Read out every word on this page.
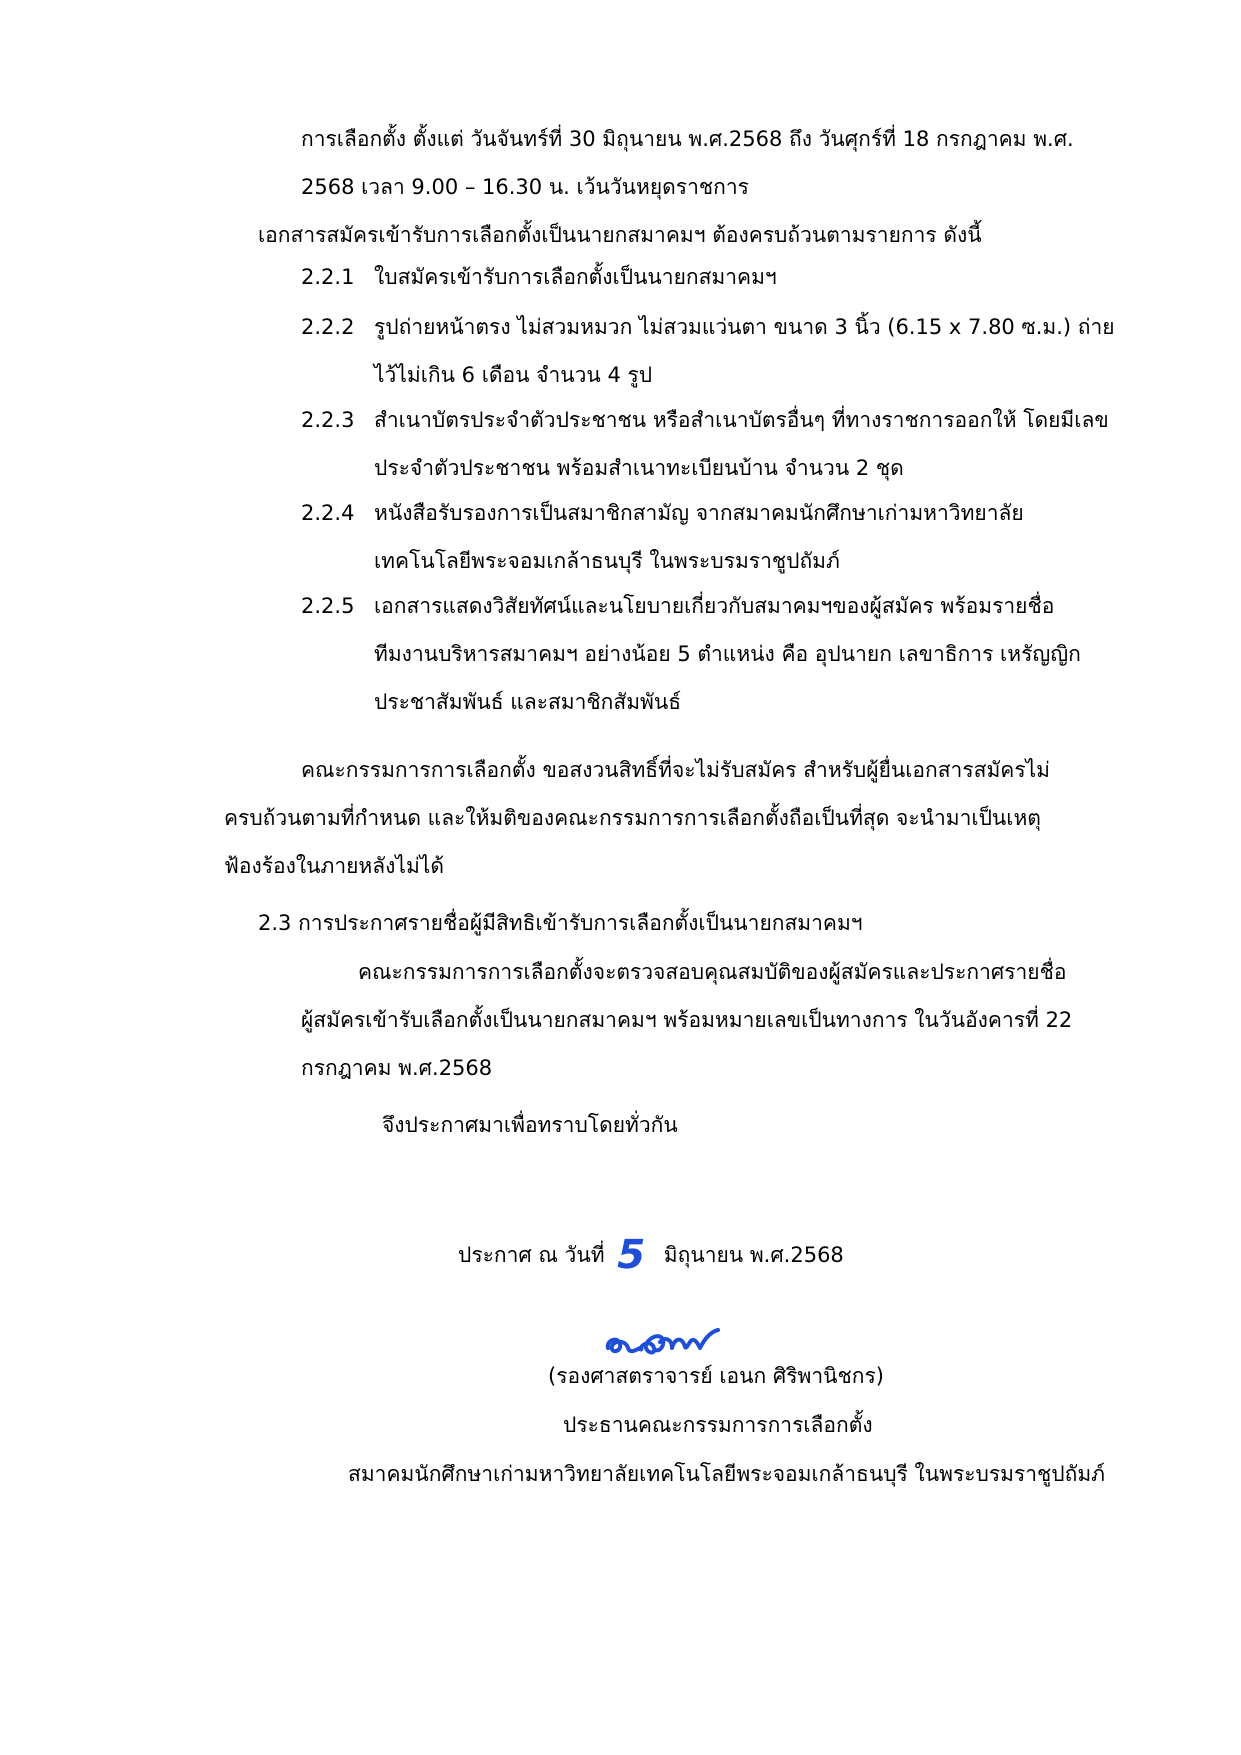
การเลือกตั้ง ตั้งแต่ วันจันทร์ที่ 30 มิถุนายน พ.ศ.2568 ถึง วันศุกร์ที่ 18 กรกฎาคม พ.ศ.
2568 เวลา 9.00 – 16.30 น. เว้นวันหยุดราชการ
เอกสารสมัครเข้ารับการเลือกตั้งเป็นนายกสมาคมฯ ต้องครบถ้วนตามรายการ ดังนี้
2.2.1 ใบสมัครเข้ารับการเลือกตั้งเป็นนายกสมาคมฯ
2.2.2 รูปถ่ายหน้าตรง ไม่สวมหมวก ไม่สวมแว่นตา ขนาด 3 นิ้ว (6.15 x 7.80 ซ.ม.) ถ่าย
ไว้ไม่เกิน 6 เดือน จำนวน 4 รูป
2.2.3 สำเนาบัตรประจำตัวประชาชน หรือสำเนาบัตรอื่นๆ ที่ทางราชการออกให้ โดยมีเลข
ประจำตัวประชาชน พร้อมสำเนาทะเบียนบ้าน จำนวน 2 ชุด
2.2.4 หนังสือรับรองการเป็นสมาชิกสามัญ จากสมาคมนักศึกษาเก่ามหาวิทยาลัย
เทคโนโลยีพระจอมเกล้าธนบุรี ในพระบรมราชูปถัมภ์
2.2.5 เอกสารแสดงวิสัยทัศน์และนโยบายเกี่ยวกับสมาคมฯของผู้สมัคร พร้อมรายชื่อ
ทีมงานบริหารสมาคมฯ อย่างน้อย 5 ตำแหน่ง คือ อุปนายก เลขาธิการ เหรัญญิก
ประชาสัมพันธ์ และสมาชิกสัมพันธ์
คณะกรรมการการเลือกตั้ง ขอสงวนสิทธิ์ที่จะไม่รับสมัคร สำหรับผู้ยื่นเอกสารสมัครไม่
ครบถ้วนตามที่กำหนด และให้มติของคณะกรรมการการเลือกตั้งถือเป็นที่สุด จะนำมาเป็นเหตุ
ฟ้องร้องในภายหลังไม่ได้
2.3 การประกาศรายชื่อผู้มีสิทธิเข้ารับการเลือกตั้งเป็นนายกสมาคมฯ
คณะกรรมการการเลือกตั้งจะตรวจสอบคุณสมบัติของผู้สมัครและประกาศรายชื่อ
ผู้สมัครเข้ารับเลือกตั้งเป็นนายกสมาคมฯ พร้อมหมายเลขเป็นทางการ ในวันอังคารที่ 22
กรกฎาคม พ.ศ.2568
จึงประกาศมาเพื่อทราบโดยทั่วกัน
ประกาศ ณ วันที่ 5 มิถุนายน พ.ศ.2568
(รองศาสตราจารย์ เอนก ศิริพานิชกร)
ประธานคณะกรรมการการเลือกตั้ง
สมาคมนักศึกษาเก่ามหาวิทยาลัยเทคโนโลยีพระจอมเกล้าธนบุรี ในพระบรมราชูปถัมภ์
